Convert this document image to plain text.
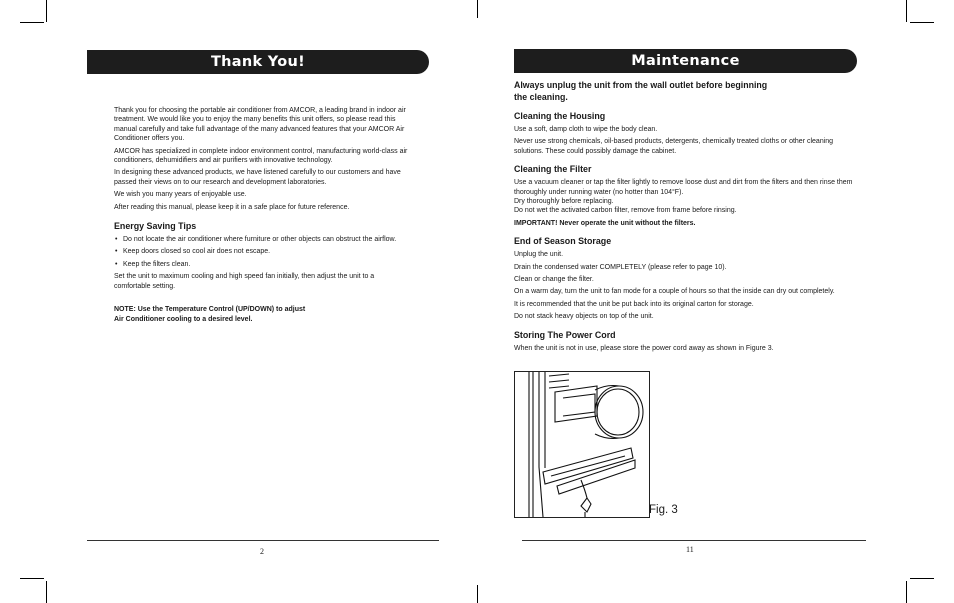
Thank You!

Thank you for choosing the portable air conditioner from AMCOR, a leading brand in indoor air treatment. We would like you to enjoy the many benefits this unit offers, so please read this manual carefully and take full advantage of the many advanced features that your AMCOR Air Conditioner offers you.

AMCOR has specialized in complete indoor environment control, manufacturing world-class air conditioners, dehumidifiers and air purifiers with innovative technology.

In designing these advanced products, we have listened carefully to our customers and have passed their views on to our research and development laboratories.

We wish you many years of enjoyable use.

After reading this manual, please keep it in a safe place for future reference.

Energy Saving Tips
• Do not locate the air conditioner where furniture or other objects can obstruct the airflow.
• Keep doors closed so cool air does not escape.
• Keep the filters clean.

Set the unit to maximum cooling and high speed fan initially, then adjust the unit to a comfortable setting.

NOTE: Use the Temperature Control (UP/DOWN) to adjust
Air Conditioner cooling to a desired level.
2
Maintenance
Always unplug the unit from the wall outlet before beginning
the cleaning.
Cleaning the Housing

Use a soft, damp cloth to wipe the body clean.

Never use strong chemicals, oil-based products, detergents, chemically treated cloths or other cleaning solutions. These could possibly damage the cabinet.

Cleaning the Filter
Use a vacuum cleaner or tap the filter lightly to remove loose dust and dirt from the filters and then rinse them thoroughly under running water (no hotter than 104°F).
Dry thoroughly before replacing.

Do not wet the activated carbon filter, remove from frame before rinsing.

IMPORTANT! Never operate the unit without the filters.

End of Season Storage

Unplug the unit.

Drain the condensed water COMPLETELY (please refer to page 10).

Clean or change the filter.

On a warm day, turn the unit to fan mode for a couple of hours so that the inside can dry out completely.

It is recommended that the unit be put back into its original carton for storage.

Do not stack heavy objects on top of the unit.

Storing The Power Cord

When the unit is not in use, please store the power cord away as shown in Figure 3.

Fig. 3
11
